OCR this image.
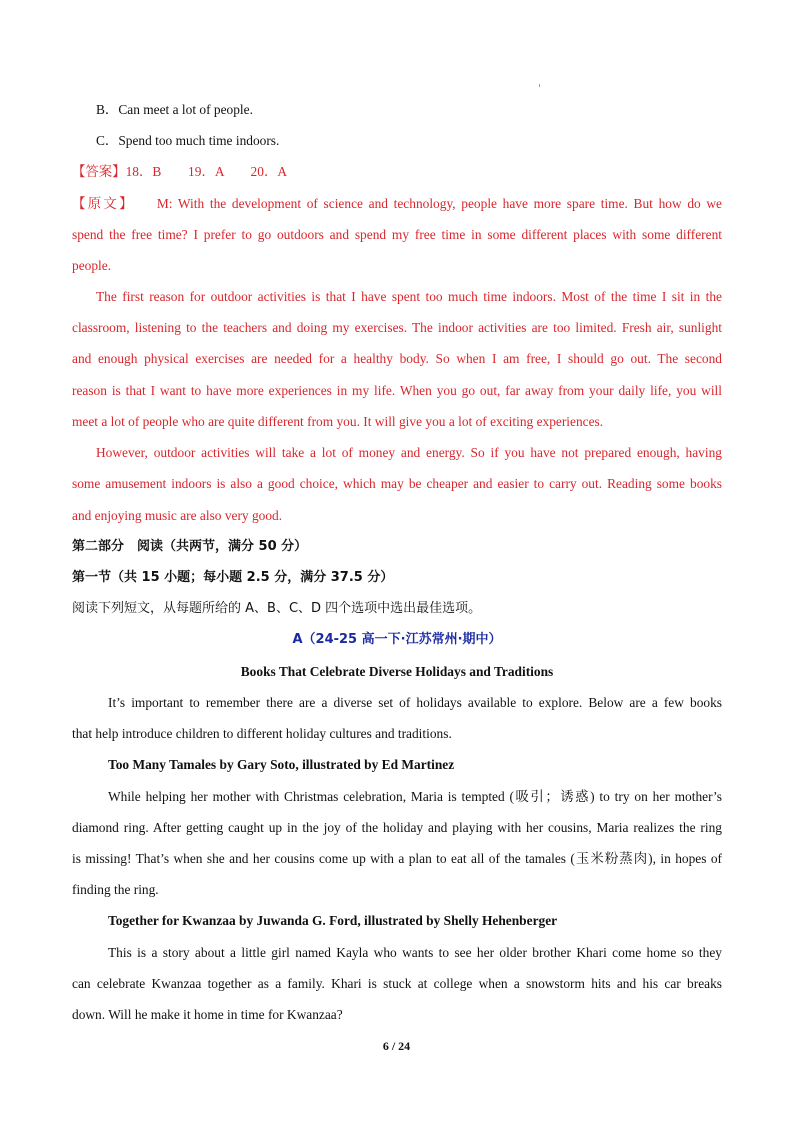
B．Can meet a lot of people.
C．Spend too much time indoors.
【答案】18．B　　19．A　　20．A
【原文】 M: With the development of science and technology, people have more spare time. But how do we
spend the free time? I prefer to go outdoors and spend my free time in some different places with some different
people.
The first reason for outdoor activities is that I have spent too much time indoors. Most of the time I sit in the
classroom, listening to the teachers and doing my exercises. The indoor activities are too limited. Fresh air, sunlight
and enough physical exercises are needed for a healthy body. So when I am free, I should go out. The second
reason is that I want to have more experiences in my life. When you go out, far away from your daily life, you will
meet a lot of people who are quite different from you. It will give you a lot of exciting experiences.
However, outdoor activities will take a lot of money and energy. So if you have not prepared enough, having
some amusement indoors is also a good choice, which may be cheaper and easier to carry out. Reading some books
and enjoying music are also very good.
第二部分　阅读（共两节，满分 50 分）
第一节（共 15 小题；每小题 2.5 分，满分 37.5 分）
阅读下列短文，从每题所给的 A、B、C、D 四个选项中选出最佳选项。
A（24-25 高一下·江苏常州·期中）
Books That Celebrate Diverse Holidays and Traditions
It’s important to remember there are a diverse set of holidays available to explore. Below are a few books
that help introduce children to different holiday cultures and traditions.
Too Many Tamales by Gary Soto, illustrated by Ed Martinez
While helping her mother with Christmas celebration, Maria is tempted (吸引；诱惑) to try on her mother’s
diamond ring. After getting caught up in the joy of the holiday and playing with her cousins, Maria realizes the ring
is missing! That’s when she and her cousins come up with a plan to eat all of the tamales (玉米粉蒸肉), in hopes of
finding the ring.
Together for Kwanzaa by Juwanda G. Ford, illustrated by Shelly Hehenberger
This is a story about a little girl named Kayla who wants to see her older brother Khari come home so they
can celebrate Kwanzaa together as a family. Khari is stuck at college when a snowstorm hits and his car breaks
down. Will he make it home in time for Kwanzaa?
6 / 24
